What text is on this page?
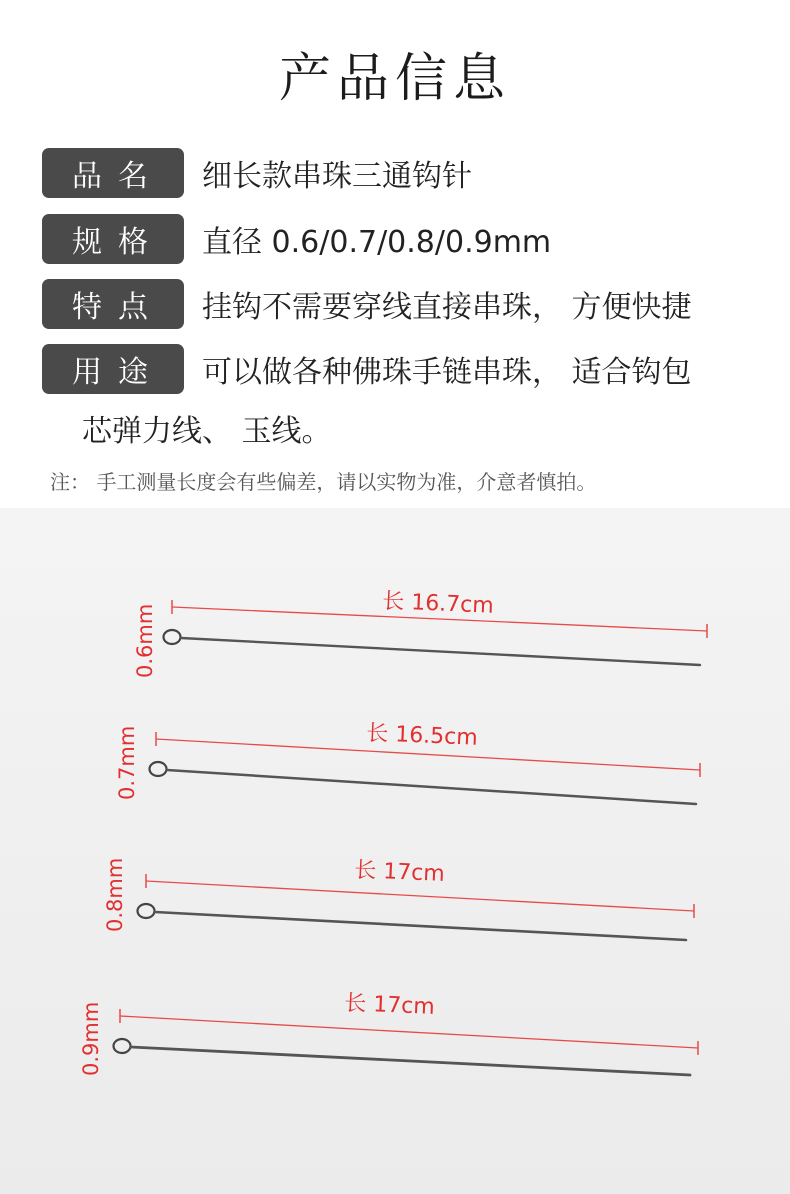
产品信息
品名	细长款串珠三通钩针
规格	直径 0.6/0.7/0.8/0.9mm
特点	挂钩不需要穿线直接串珠， 方便快捷
用途	可以做各种佛珠手链串珠， 适合钩包
芯弹力线、 玉线。
注： 手工测量长度会有些偏差，请以实物为准，介意者慎拍。
长 16.7cm
0.6mm
长 16.5cm
0.7mm
长 17cm
0.8mm
长 17cm
0.9mm
